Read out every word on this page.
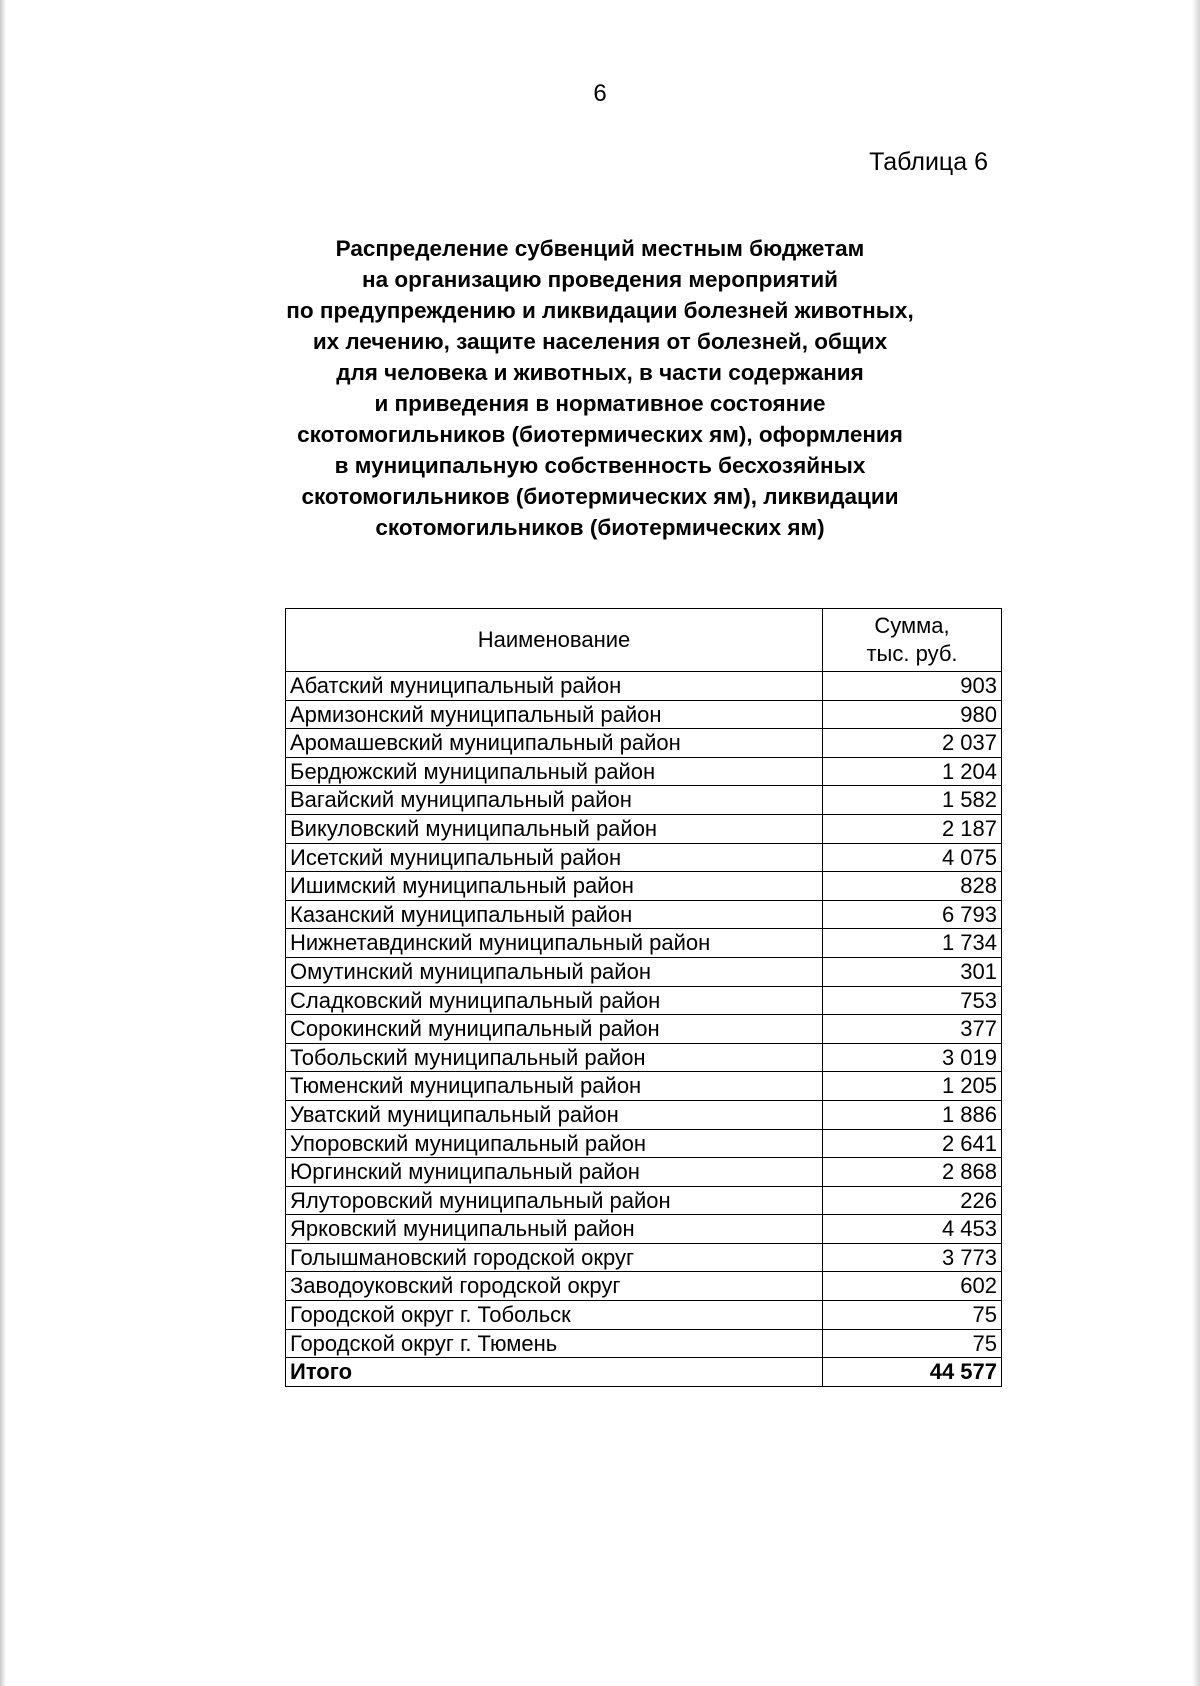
6
Таблица 6
Распределение субвенций местным бюджетам
на организацию проведения мероприятий
по предупреждению и ликвидации болезней животных,
их лечению, защите населения от болезней, общих
для человека и животных, в части содержания
и приведения в нормативное состояние
скотомогильников (биотермических ям), оформления
в муниципальную собственность бесхозяйных
скотомогильников (биотермических ям), ликвидации
скотомогильников (биотермических ям)
Наименование	Сумма,
тыс. руб.
Абатский муниципальный район	903
Армизонский муниципальный район	980
Аромашевский муниципальный район	2 037
Бердюжский муниципальный район	1 204
Вагайский муниципальный район	1 582
Викуловский муниципальный район	2 187
Исетский муниципальный район	4 075
Ишимский муниципальный район	828
Казанский муниципальный район	6 793
Нижнетавдинский муниципальный район	1 734
Омутинский муниципальный район	301
Сладковский муниципальный район	753
Сорокинский муниципальный район	377
Тобольский муниципальный район	3 019
Тюменский муниципальный район	1 205
Уватский муниципальный район	1 886
Упоровский муниципальный район	2 641
Юргинский муниципальный район	2 868
Ялуторовский муниципальный район	226
Ярковский муниципальный район	4 453
Голышмановский городской округ	3 773
Заводоуковский городской округ	602
Городской округ г. Тобольск	75
Городской округ г. Тюмень	75
Итого	44 577
